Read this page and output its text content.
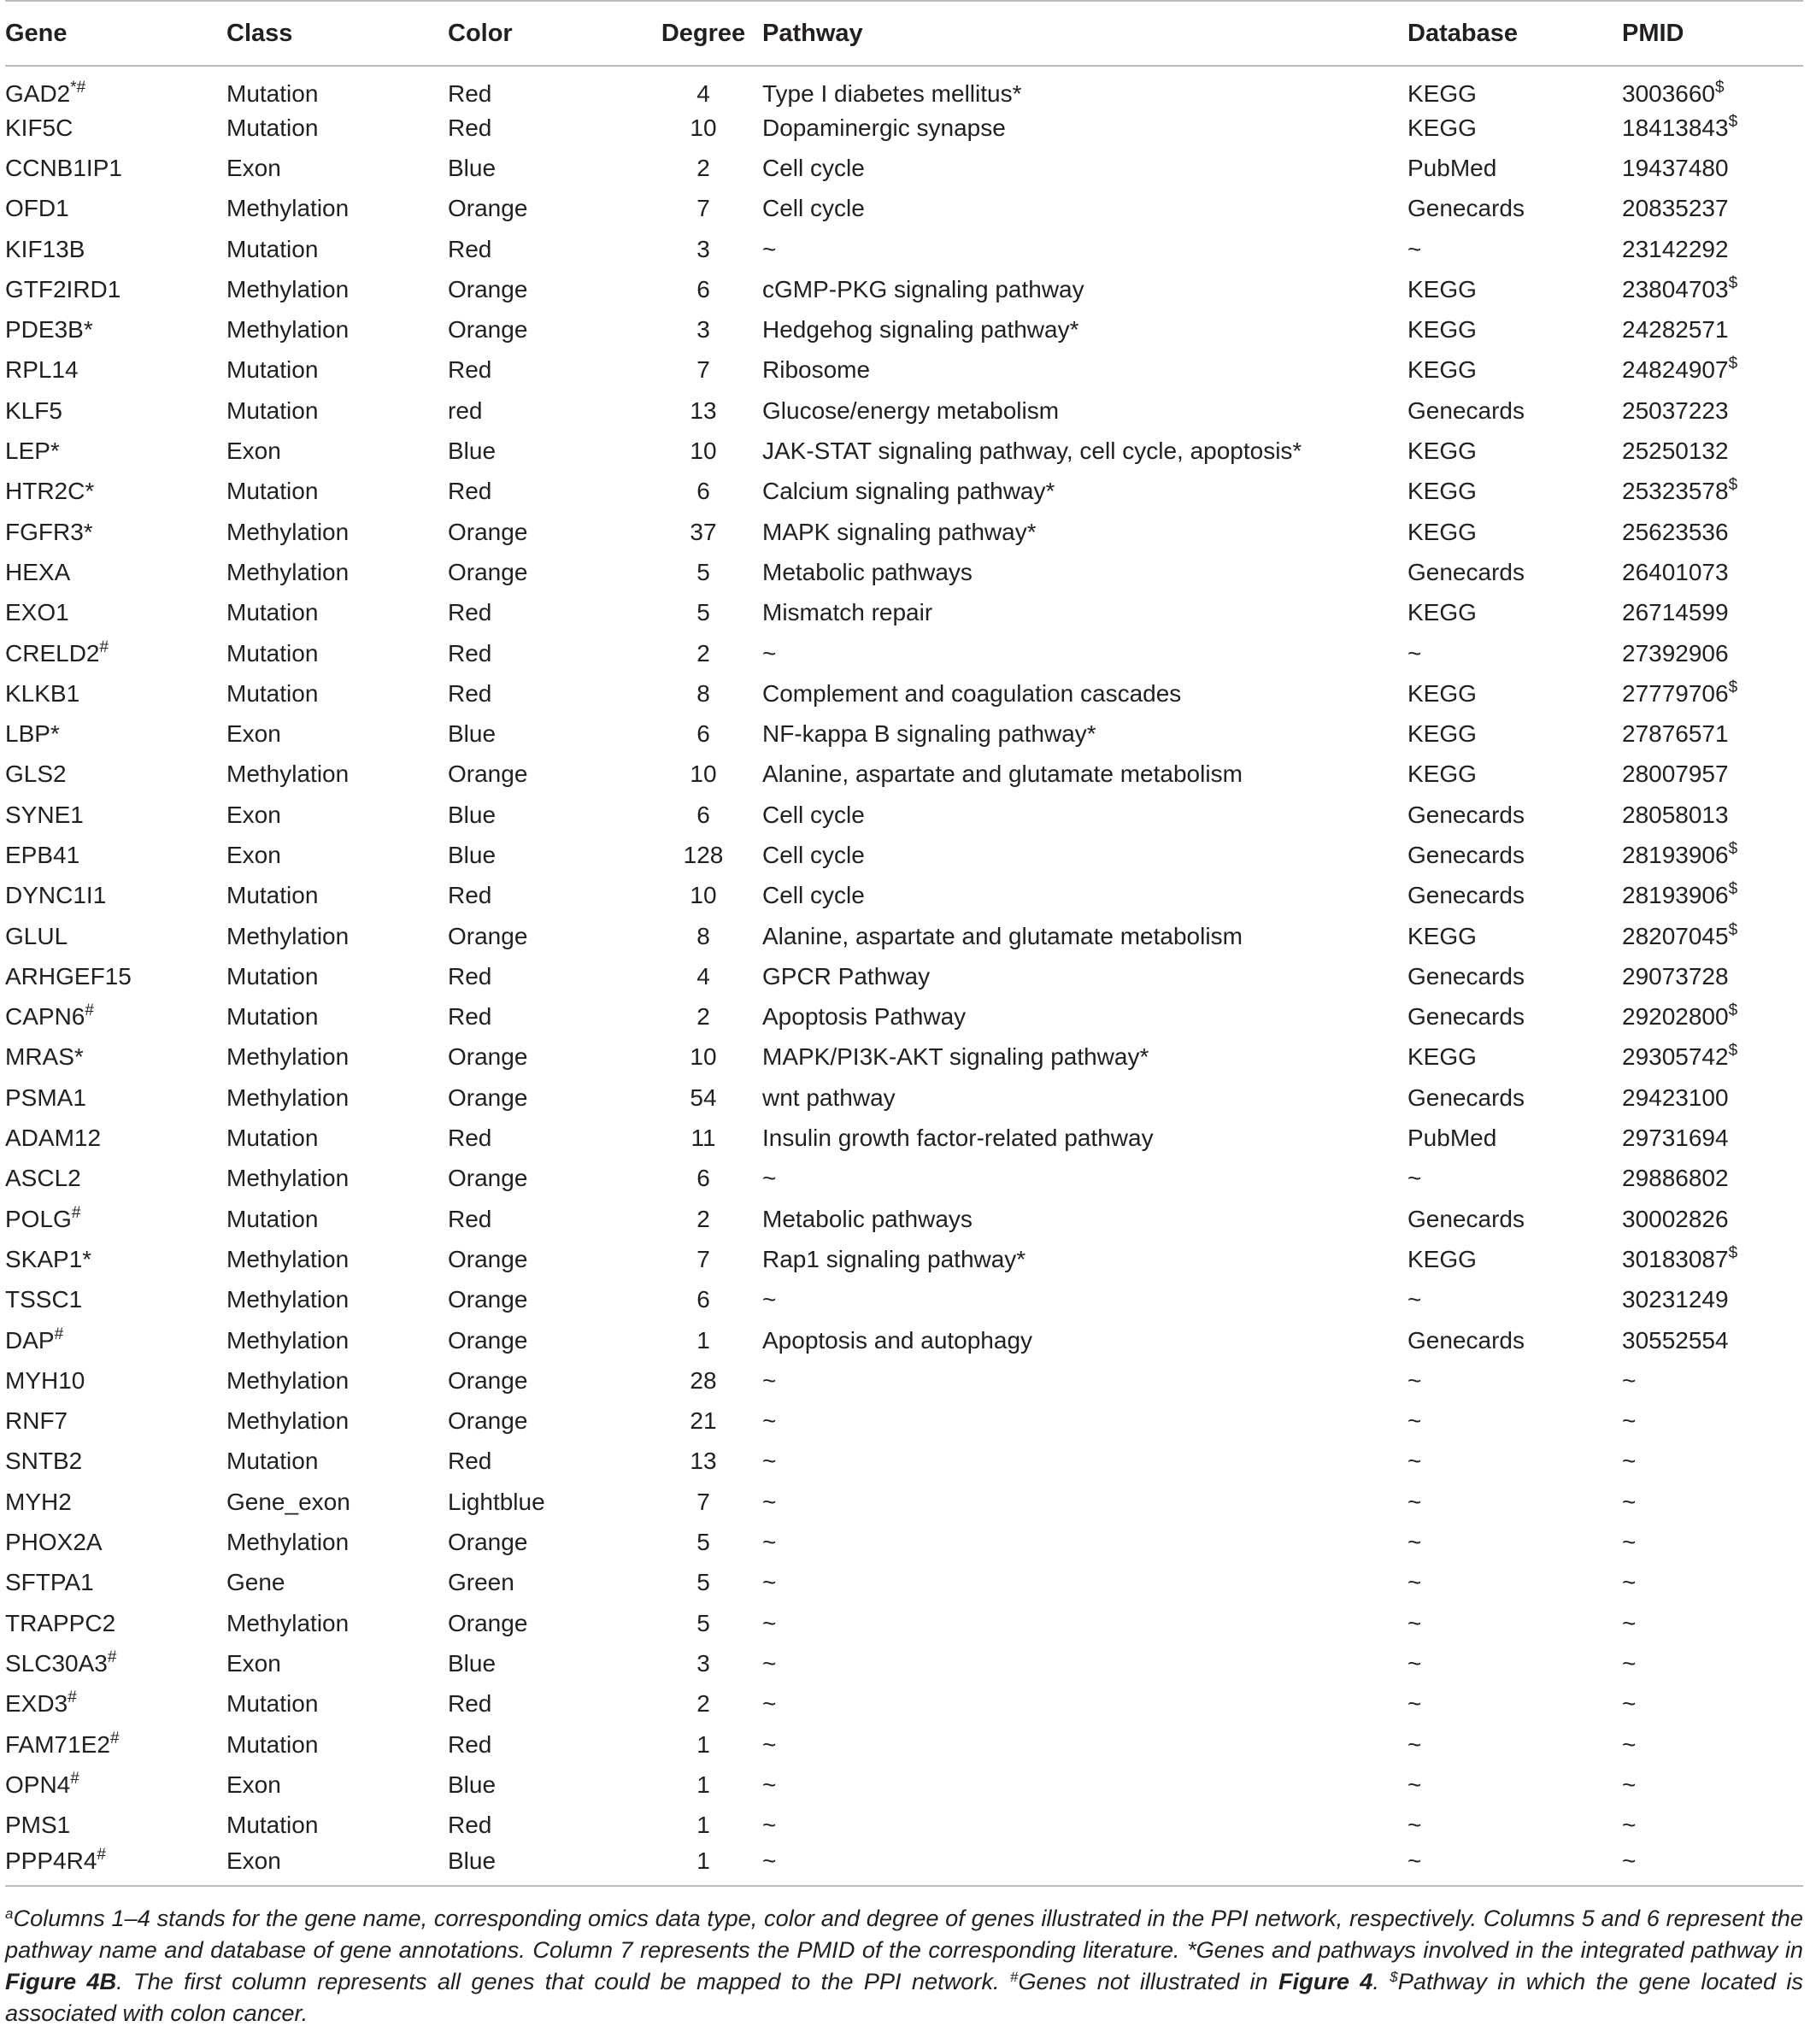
Gene	Class	Color	Degree	Pathway	Database	PMID
GAD2*#	Mutation	Red	4	Type I diabetes mellitus*	KEGG	3003660$
KIF5C	Mutation	Red	10	Dopaminergic synapse	KEGG	18413843$
CCNB1IP1	Exon	Blue	2	Cell cycle	PubMed	19437480
OFD1	Methylation	Orange	7	Cell cycle	Genecards	20835237
KIF13B	Mutation	Red	3	~	~	23142292
GTF2IRD1	Methylation	Orange	6	cGMP-PKG signaling pathway	KEGG	23804703$
PDE3B*	Methylation	Orange	3	Hedgehog signaling pathway*	KEGG	24282571
RPL14	Mutation	Red	7	Ribosome	KEGG	24824907$
KLF5	Mutation	red	13	Glucose/energy metabolism	Genecards	25037223
LEP*	Exon	Blue	10	JAK-STAT signaling pathway, cell cycle, apoptosis*	KEGG	25250132
HTR2C*	Mutation	Red	6	Calcium signaling pathway*	KEGG	25323578$
FGFR3*	Methylation	Orange	37	MAPK signaling pathway*	KEGG	25623536
HEXA	Methylation	Orange	5	Metabolic pathways	Genecards	26401073
EXO1	Mutation	Red	5	Mismatch repair	KEGG	26714599
CRELD2#	Mutation	Red	2	~	~	27392906
KLKB1	Mutation	Red	8	Complement and coagulation cascades	KEGG	27779706$
LBP*	Exon	Blue	6	NF-kappa B signaling pathway*	KEGG	27876571
GLS2	Methylation	Orange	10	Alanine, aspartate and glutamate metabolism	KEGG	28007957
SYNE1	Exon	Blue	6	Cell cycle	Genecards	28058013
EPB41	Exon	Blue	128	Cell cycle	Genecards	28193906$
DYNC1I1	Mutation	Red	10	Cell cycle	Genecards	28193906$
GLUL	Methylation	Orange	8	Alanine, aspartate and glutamate metabolism	KEGG	28207045$
ARHGEF15	Mutation	Red	4	GPCR Pathway	Genecards	29073728
CAPN6#	Mutation	Red	2	Apoptosis Pathway	Genecards	29202800$
MRAS*	Methylation	Orange	10	MAPK/PI3K-AKT signaling pathway*	KEGG	29305742$
PSMA1	Methylation	Orange	54	wnt pathway	Genecards	29423100
ADAM12	Mutation	Red	11	Insulin growth factor-related pathway	PubMed	29731694
ASCL2	Methylation	Orange	6	~	~	29886802
POLG#	Mutation	Red	2	Metabolic pathways	Genecards	30002826
SKAP1*	Methylation	Orange	7	Rap1 signaling pathway*	KEGG	30183087$
TSSC1	Methylation	Orange	6	~	~	30231249
DAP#	Methylation	Orange	1	Apoptosis and autophagy	Genecards	30552554
MYH10	Methylation	Orange	28	~	~	~
RNF7	Methylation	Orange	21	~	~	~
SNTB2	Mutation	Red	13	~	~	~
MYH2	Gene_exon	Lightblue	7	~	~	~
PHOX2A	Methylation	Orange	5	~	~	~
SFTPA1	Gene	Green	5	~	~	~
TRAPPC2	Methylation	Orange	5	~	~	~
SLC30A3#	Exon	Blue	3	~	~	~
EXD3#	Mutation	Red	2	~	~	~
FAM71E2#	Mutation	Red	1	~	~	~
OPN4#	Exon	Blue	1	~	~	~
PMS1	Mutation	Red	1	~	~	~
PPP4R4#	Exon	Blue	1	~	~	~
$^a$Columns 1–4 stands for the gene name, corresponding omics data type, color and degree of genes illustrated in the PPI network, respectively. Columns 5 and 6 represent the pathway name and database of gene annotations. Column 7 represents the PMID of the corresponding literature. *Genes and pathways involved in the integrated pathway in Figure 4B. The first column represents all genes that could be mapped to the PPI network. #Genes not illustrated in Figure 4. $Pathway in which the gene located is associated with colon cancer.
